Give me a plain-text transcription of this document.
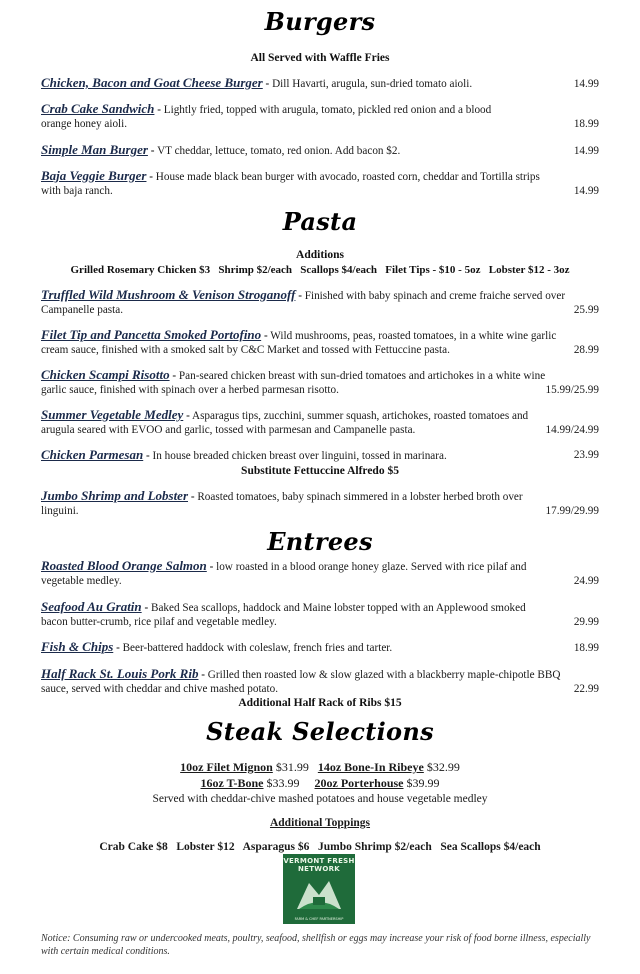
Burgers
All Served with Waffle Fries
Chicken, Bacon and Goat Cheese Burger - Dill Havarti, arugula, sun-dried tomato aioli.	14.99
Crab Cake Sandwich - Lightly fried, topped with arugula, tomato, pickled red onion and a blood orange honey aioli.	18.99
Simple Man Burger - VT cheddar, lettuce, tomato, red onion. Add bacon $2.	14.99
Baja Veggie Burger - House made black bean burger with avocado, roasted corn, cheddar and Tortilla strips with baja ranch.	14.99
Pasta
Additions
Grilled Rosemary Chicken $3 Shrimp $2/each Scallops $4/each Filet Tips - $10 - 5oz Lobster $12 - 3oz
Truffled Wild Mushroom & Venison Stroganoff - Finished with baby spinach and creme fraiche served over Campanelle pasta.	25.99
Filet Tip and Pancetta Smoked Portofino - Wild mushrooms, peas, roasted tomatoes, in a white wine garlic cream sauce, finished with a smoked salt by C&C Market and tossed with Fettuccine pasta.	28.99
Chicken Scampi Risotto - Pan-seared chicken breast with sun-dried tomatoes and artichokes in a white wine garlic sauce, finished with spinach over a herbed parmesan risotto.	15.99/25.99
Summer Vegetable Medley - Asparagus tips, zucchini, summer squash, artichokes, roasted tomatoes and arugula seared with EVOO and garlic, tossed with parmesan and Campanelle pasta.	14.99/24.99
Chicken Parmesan - In house breaded chicken breast over linguini, tossed in marinara.	23.99
Substitute Fettuccine Alfredo $5
Jumbo Shrimp and Lobster - Roasted tomatoes, baby spinach simmered in a lobster herbed broth over linguini.	17.99/29.99
Entrees
Roasted Blood Orange Salmon - low roasted in a blood orange honey glaze. Served with rice pilaf and vegetable medley.	24.99
Seafood Au Gratin - Baked Sea scallops, haddock and Maine lobster topped with an Applewood smoked bacon butter-crumb, rice pilaf and vegetable medley.	29.99
Fish & Chips - Beer-battered haddock with coleslaw, french fries and tarter.	18.99
Half Rack St. Louis Pork Rib - Grilled then roasted low & slow glazed with a blackberry maple-chipotle BBQ sauce, served with cheddar and chive mashed potato.	22.99
Additional Half Rack of Ribs $15
Steak Selections
10oz Filet Mignon $31.99 14oz Bone-In Ribeye $32.99
16oz T-Bone $33.99 20oz Porterhouse $39.99
Served with cheddar-chive mashed potatoes and house vegetable medley
Additional Toppings
Crab Cake $8 Lobster $12 Asparagus $6 Jumbo Shrimp $2/each Sea Scallops $4/each
VERMONT FRESH
NETWORK
FARM & CHEF PARTNERSHIP
Notice: Consuming raw or undercooked meats, poultry, seafood, shellfish or eggs may increase your risk of food borne illness, especially with certain medical conditions.
